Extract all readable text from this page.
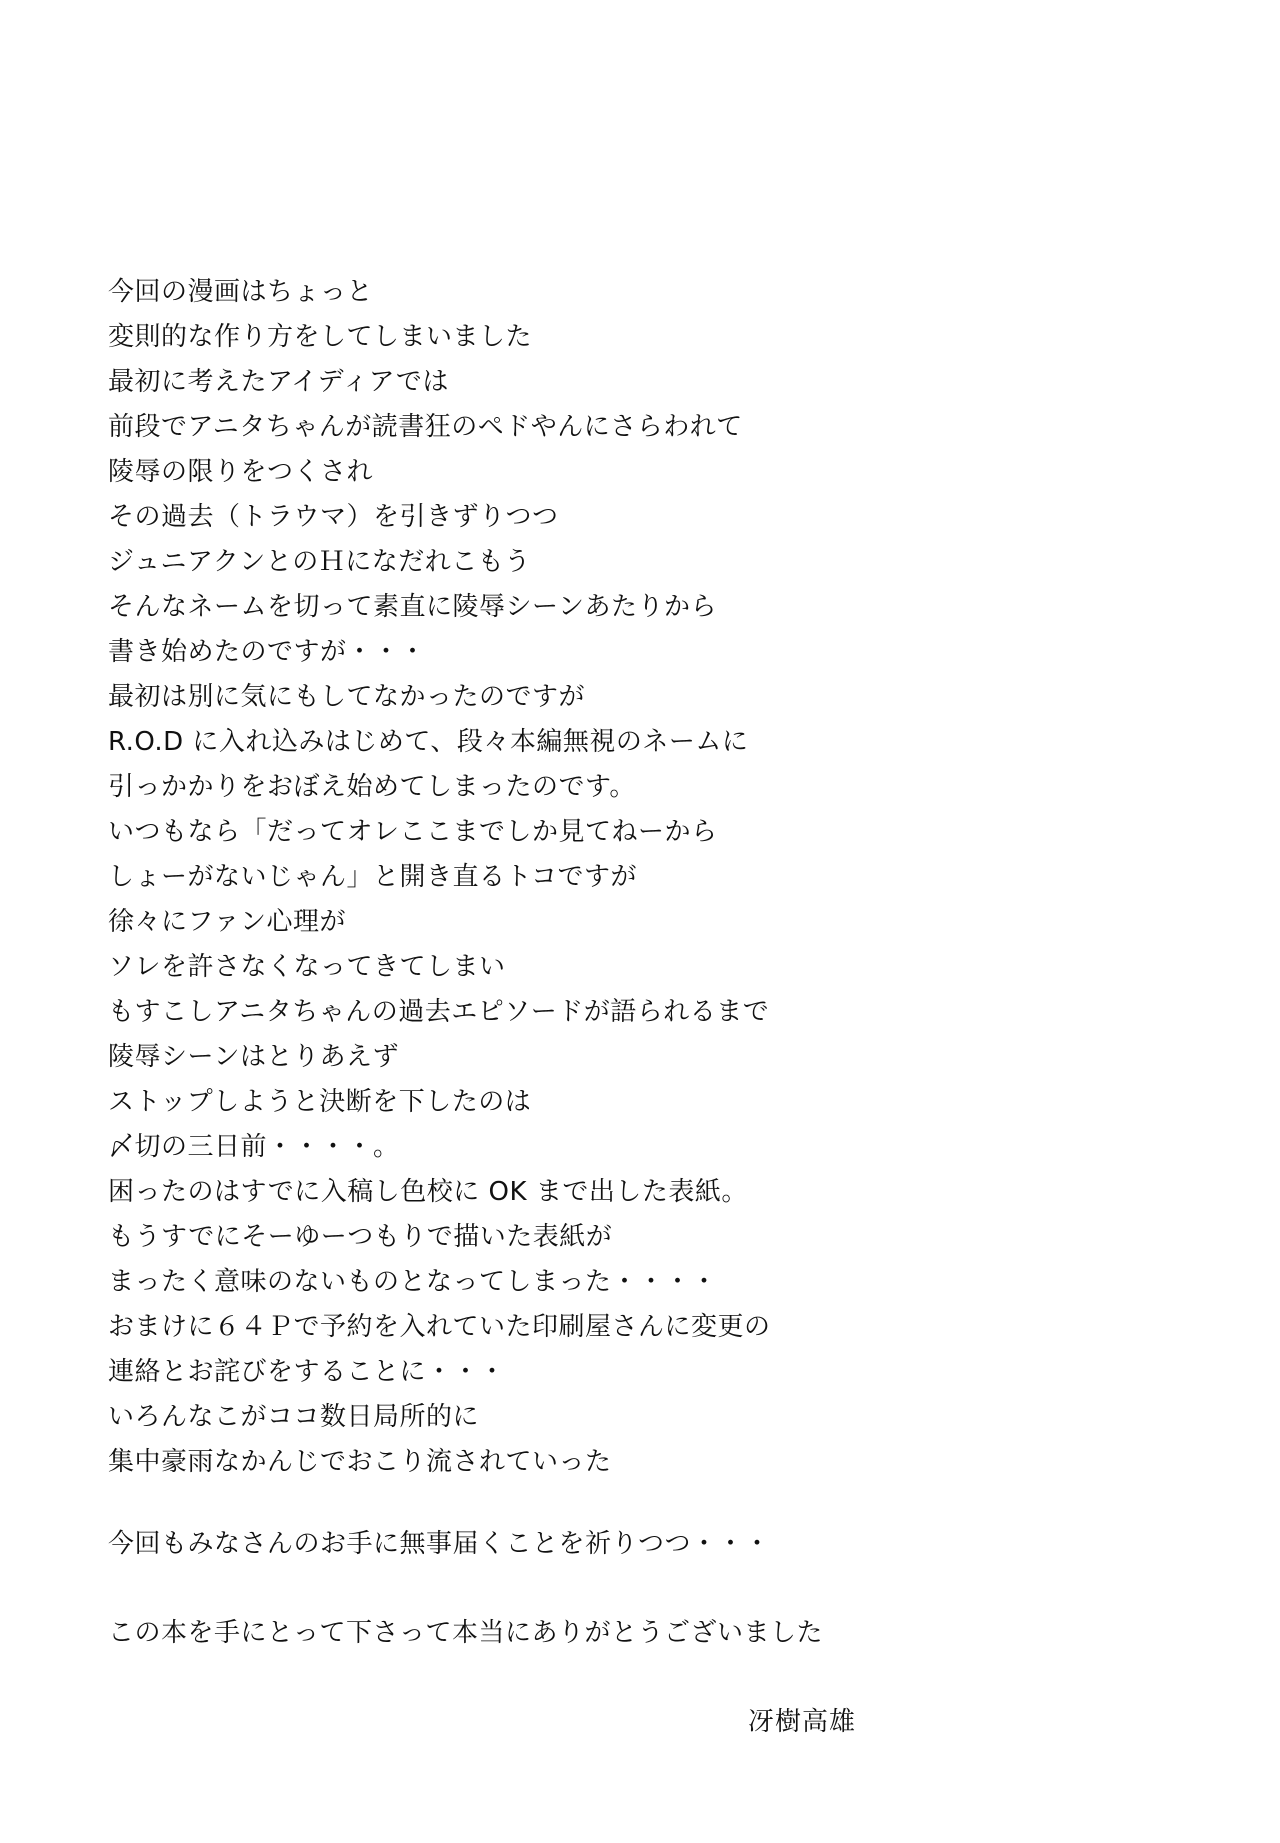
今回の漫画はちょっと
変則的な作り方をしてしまいました
最初に考えたアイディアでは
前段でアニタちゃんが読書狂のペドやんにさらわれて
陵辱の限りをつくされ
その過去（トラウマ）を引きずりつつ
ジュニアクンとのＨになだれこもう
そんなネームを切って素直に陵辱シーンあたりから
書き始めたのですが・・・
最初は別に気にもしてなかったのですが
R.O.D に入れ込みはじめて、段々本編無視のネームに
引っかかりをおぼえ始めてしまったのです。
いつもなら「だってオレここまでしか見てねーから
しょーがないじゃん」と開き直るトコですが
徐々にファン心理が
ソレを許さなくなってきてしまい
もすこしアニタちゃんの過去エピソードが語られるまで
陵辱シーンはとりあえず
ストップしようと決断を下したのは
〆切の三日前・・・・。
困ったのはすでに入稿し色校に OK まで出した表紙。
もうすでにそーゆーつもりで描いた表紙が
まったく意味のないものとなってしまった・・・・
おまけに６４Ｐで予約を入れていた印刷屋さんに変更の
連絡とお詫びをすることに・・・
いろんなこがココ数日局所的に
集中豪雨なかんじでおこり流されていった
今回もみなさんのお手に無事届くことを祈りつつ・・・
この本を手にとって下さって本当にありがとうございました
冴樹高雄
